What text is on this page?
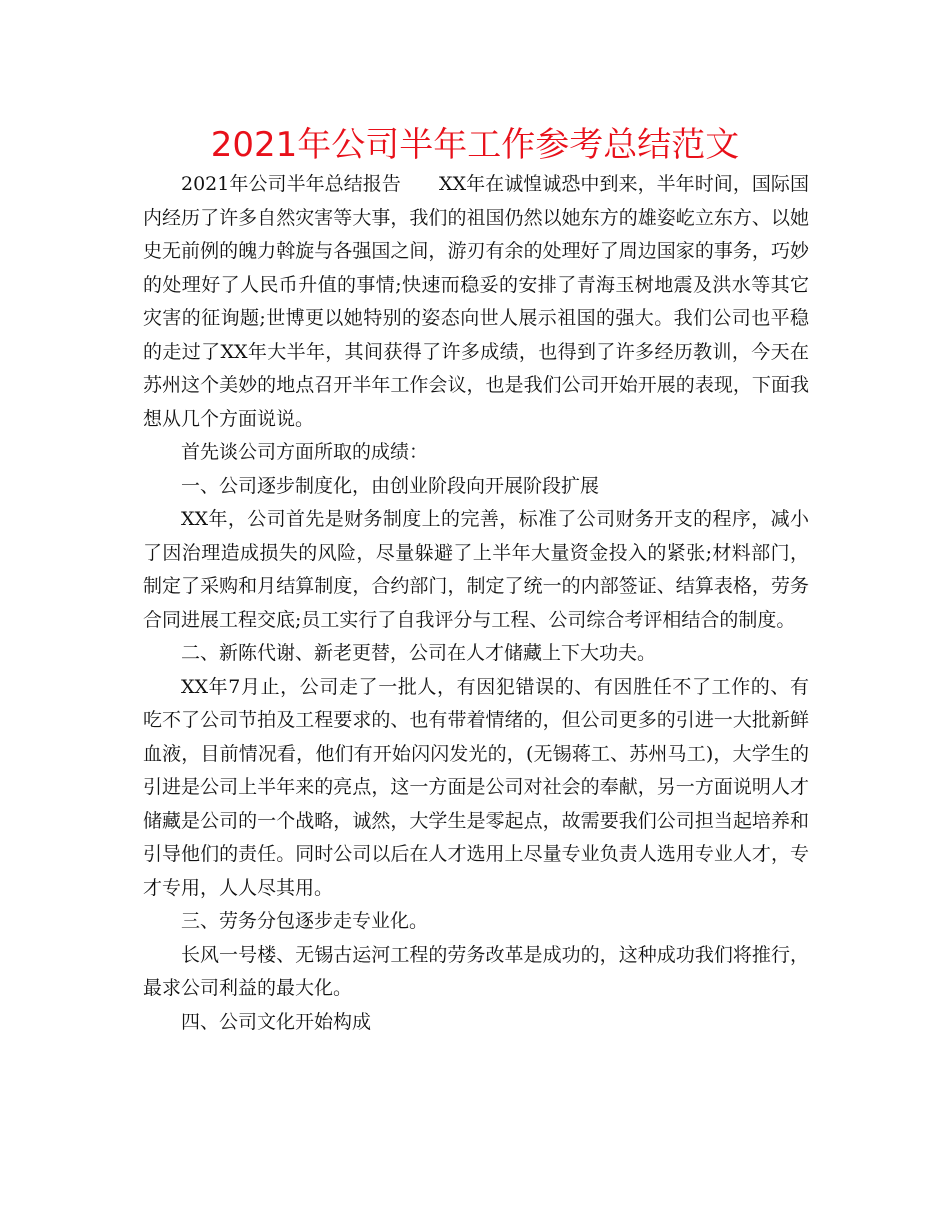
2021年公司半年工作参考总结范文

2021年公司半年总结报告　　XX年在诚惶诚恐中到来，半年时间，国际国内经历了许多自然灾害等大事，我们的祖国仍然以她东方的雄姿屹立东方、以她史无前例的魄力斡旋与各强国之间，游刃有余的处理好了周边国家的事务，巧妙的处理好了人民币升值的事情;快速而稳妥的安排了青海玉树地震及洪水等其它灾害的征询题;世博更以她特别的姿态向世人展示祖国的强大。我们公司也平稳的走过了XX年大半年，其间获得了许多成绩，也得到了许多经历教训，今天在苏州这个美妙的地点召开半年工作会议，也是我们公司开始开展的表现，下面我想从几个方面说说。

首先谈公司方面所取的成绩：

一、公司逐步制度化，由创业阶段向开展阶段扩展

XX年，公司首先是财务制度上的完善，标准了公司财务开支的程序，减小了因治理造成损失的风险，尽量躲避了上半年大量资金投入的紧张;材料部门，制定了采购和月结算制度，合约部门，制定了统一的内部签证、结算表格，劳务合同进展工程交底;员工实行了自我评分与工程、公司综合考评相结合的制度。

二、新陈代谢、新老更替，公司在人才储藏上下大功夫。

XX年7月止，公司走了一批人，有因犯错误的、有因胜任不了工作的、有吃不了公司节拍及工程要求的、也有带着情绪的，但公司更多的引进一大批新鲜血液，目前情况看，他们有开始闪闪发光的，(无锡蒋工、苏州马工)，大学生的引进是公司上半年来的亮点，这一方面是公司对社会的奉献，另一方面说明人才储藏是公司的一个战略，诚然，大学生是零起点，故需要我们公司担当起培养和引导他们的责任。同时公司以后在人才选用上尽量专业负责人选用专业人才，专才专用，人人尽其用。

三、劳务分包逐步走专业化。

长风一号楼、无锡古运河工程的劳务改革是成功的，这种成功我们将推行，最求公司利益的最大化。

四、公司文化开始构成
